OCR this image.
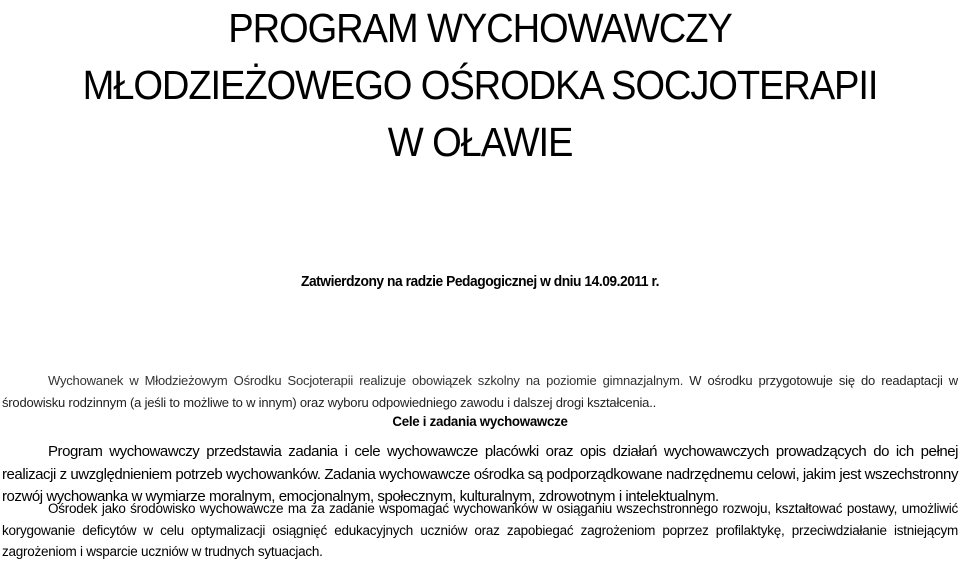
PROGRAM WYCHOWAWCZY
MŁODZIEŻOWEGO OŚRODKA SOCJOTERAPII
W OŁAWIE
Zatwierdzony na radzie Pedagogicznej w dniu 14.09.2011 r.

Wychowanek w Młodzieżowym Ośrodku Socjoterapii realizuje obowiązek szkolny na poziomie gimnazjalnym. W ośrodku przygotowuje się do readaptacji w środowisku rodzinnym (a jeśli to możliwe to w innym) oraz wyboru odpowiedniego zawodu i dalszej drogi kształcenia..

Cele i zadania wychowawcze

Program wychowawczy przedstawia zadania i cele wychowawcze placówki oraz opis działań wychowawczych prowadzących do ich pełnej realizacji z uwzględnieniem potrzeb wychowanków. Zadania wychowawcze ośrodka są podporządkowane nadrzędnemu celowi, jakim jest wszechstronny rozwój wychowanka w wymiarze moralnym, emocjonalnym, społecznym, kulturalnym, zdrowotnym i intelektualnym.

Ośrodek jako środowisko wychowawcze ma za zadanie wspomagać wychowanków w osiąganiu wszechstronnego rozwoju, kształtować postawy, umożliwić korygowanie deficytów w celu optymalizacji osiągnięć edukacyjnych uczniów oraz zapobiegać zagrożeniom poprzez profilaktykę, przeciwdziałanie istniejącym zagrożeniom i wsparcie uczniów w trudnych sytuacjach.
